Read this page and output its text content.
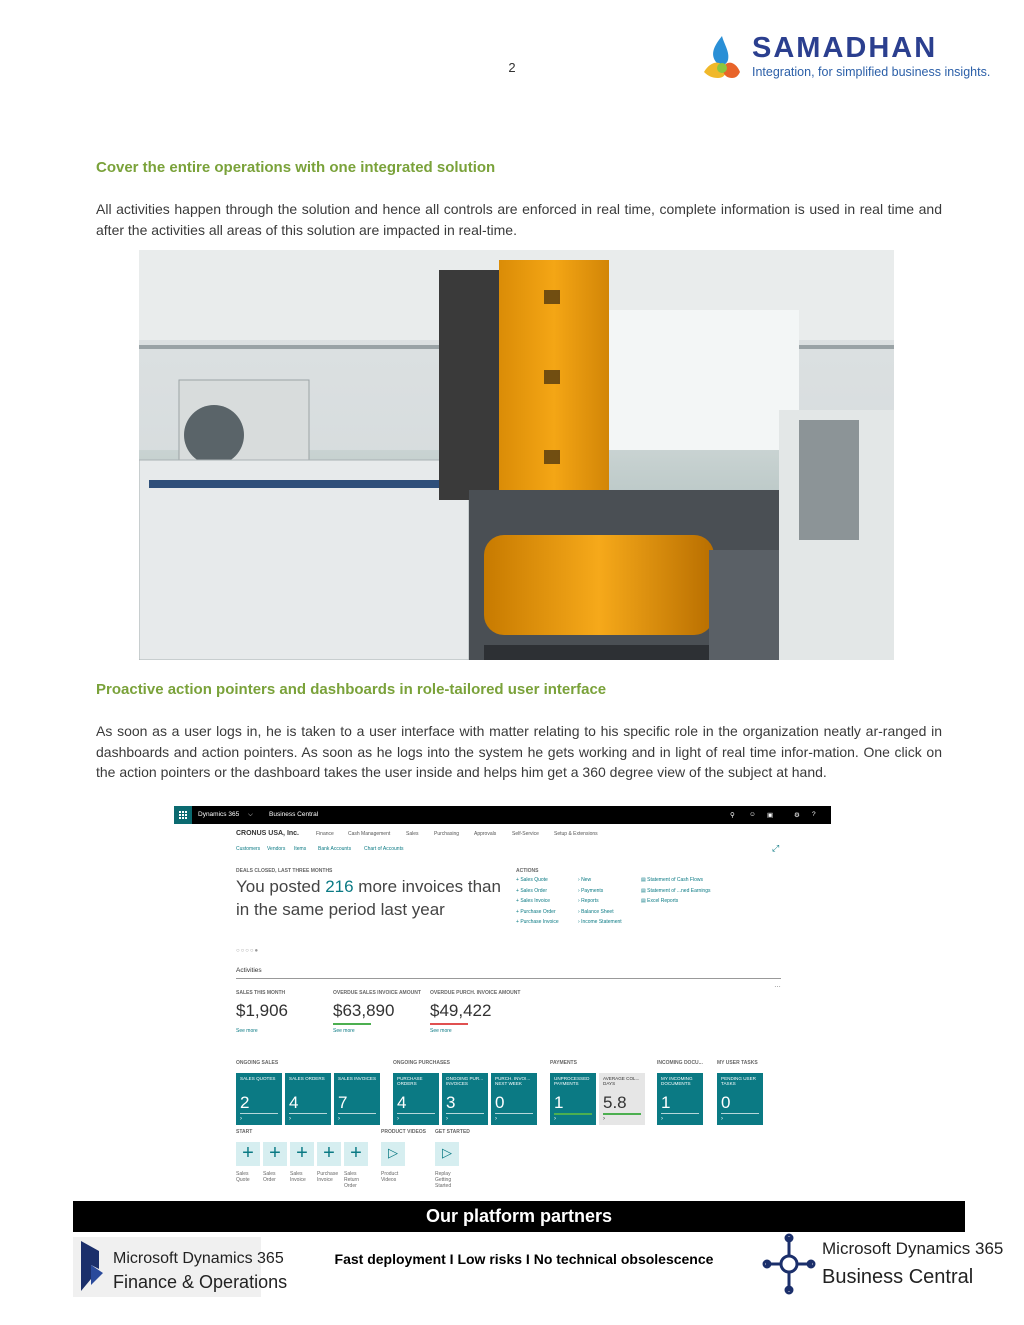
2
SAMADHAN
Integration, for simplified business insights.
Cover the entire operations with one integrated solution
All activities happen through the solution and hence all controls are enforced in real time, complete information is used in real time and after the activities all areas of this solution are impacted in real-time.
Proactive action pointers and dashboards in role-tailored user interface
As soon as a user logs in, he is taken to a user interface with matter relating to his specific role in the organization neatly ar-ranged in dashboards and action pointers. As soon as he logs into the system he gets working and in light of real time infor-mation. One click on the action pointers or the dashboard takes the user inside and helps him get a 360 degree view of the subject at hand.
Dynamics 365 ⌵ Business Central	⚲ ☺ ▣	⚙ ?
CRONUS USA, Inc.	Finance	Cash Management	Sales	Purchasing	Approvals	Self-Service	Setup & Extensions
Customers Vendors Items Bank Accounts	Chart of Accounts	⤢
DEALS CLOSED, LAST THREE MONTHS
You posted 216 more invoices than in the same period last year
ACTIONS
+ Sales Quote
+ Sales Order
+ Sales Invoice
+ Purchase Order
+ Purchase Invoice
› New
› Payments
› Reports
› Balance Sheet
› Income Statement
▤ Statement of Cash Flows
▤ Statement of ...ned Earnings
▤ Excel Reports
○○○○●
Activities
…
SALES THIS MONTH
$1,906
See more
OVERDUE SALES INVOICE AMOUNT
$63,890
See more
OVERDUE PURCH. INVOICE AMOUNT
$49,422
See more
ONGOING SALES	ONGOING PURCHASES	PAYMENTS	INCOMING DOCU...	MY USER TASKS
SALES QUOTES
2
›
SALES ORDERS
4
›
SALES INVOICES
7
›
PURCHASE ORDERS
4
›
ONGOING PUR... INVOICES
3
›
PURCH. INVOI... NEXT WEEK
0
›
UNPROCESSED PAYMENTS
1
›
AVERAGE COL... DAYS
5.8
›
MY INCOMING DOCUMENTS
1
›
PENDING USER TASKS
0
›
START	PRODUCT VIDEOS GET STARTED
+
Sales Quote
+
Sales Order
+
Sales Invoice
+
Purchase Invoice
+
Sales Return Order
▷
Product Videos
▷
Replay Getting Started
Our platform partners
Microsoft Dynamics 365
Finance & Operations
Fast deployment I Low risks I No technical obsolescence
Microsoft Dynamics 365
Business Central
